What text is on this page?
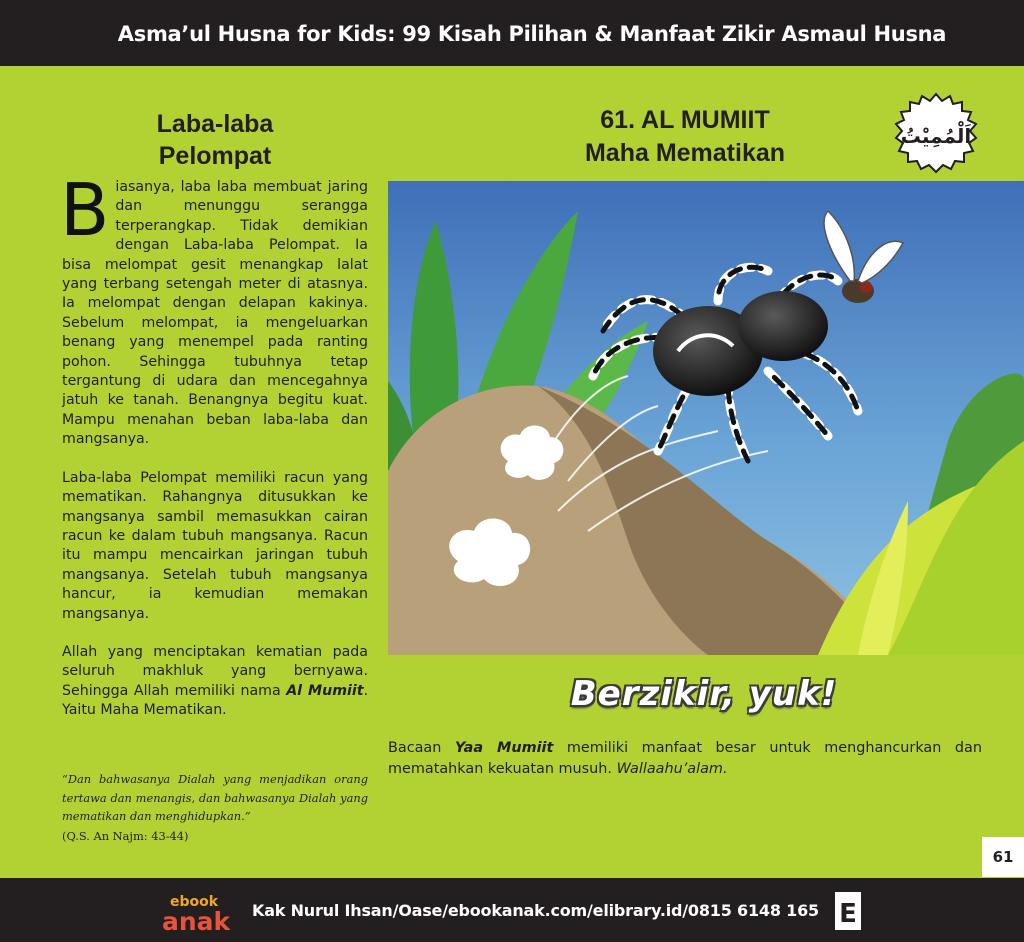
Asma’ul Husna for Kids: 99 Kisah Pilihan & Manfaat Zikir Asmaul Husna
Laba-laba
Pelompat

Biasanya, laba laba membuat jaring dan menunggu serangga terperangkap. Tidak demikian dengan Laba-laba Pelompat. Ia bisa melompat gesit menangkap lalat yang terbang setengah meter di atasnya. Ia melompat dengan delapan kakinya. Sebelum melompat, ia mengeluarkan benang yang menempel pada ranting pohon. Sehingga tubuhnya tetap tergantung di udara dan mencegahnya jatuh ke tanah. Benangnya begitu kuat. Mampu menahan beban laba-laba dan mangsanya.

Laba-laba Pelompat memiliki racun yang mematikan. Rahangnya ditusukkan ke mangsanya sambil memasukkan cairan racun ke dalam tubuh mangsanya. Racun itu mampu mencairkan jaringan tubuh mangsanya. Setelah tubuh mangsanya hancur, ia kemudian memakan mangsanya.

Allah yang menciptakan kematian pada seluruh makhluk yang bernyawa. Sehingga Allah memiliki nama Al Mumiit. Yaitu Maha Mematikan.

“Dan bahwasanya Dialah yang menjadikan orang tertawa dan menangis, dan bahwasanya Dialah yang mematikan dan menghidupkan.”
(Q.S. An Najm: 43-44)
61. AL MUMIIT
Maha Mematikan
اَلْمُمِيْتُ
Berzikir, yuk!

Bacaan Yaa Mumiit memiliki manfaat besar untuk menghancurkan dan mematahkan kekuatan musuh. Wallaahu’alam.

61
ebook
anak Kak Nurul Ihsan/Oase/ebookanak.com/elibrary.id/0815 6148 165 E
